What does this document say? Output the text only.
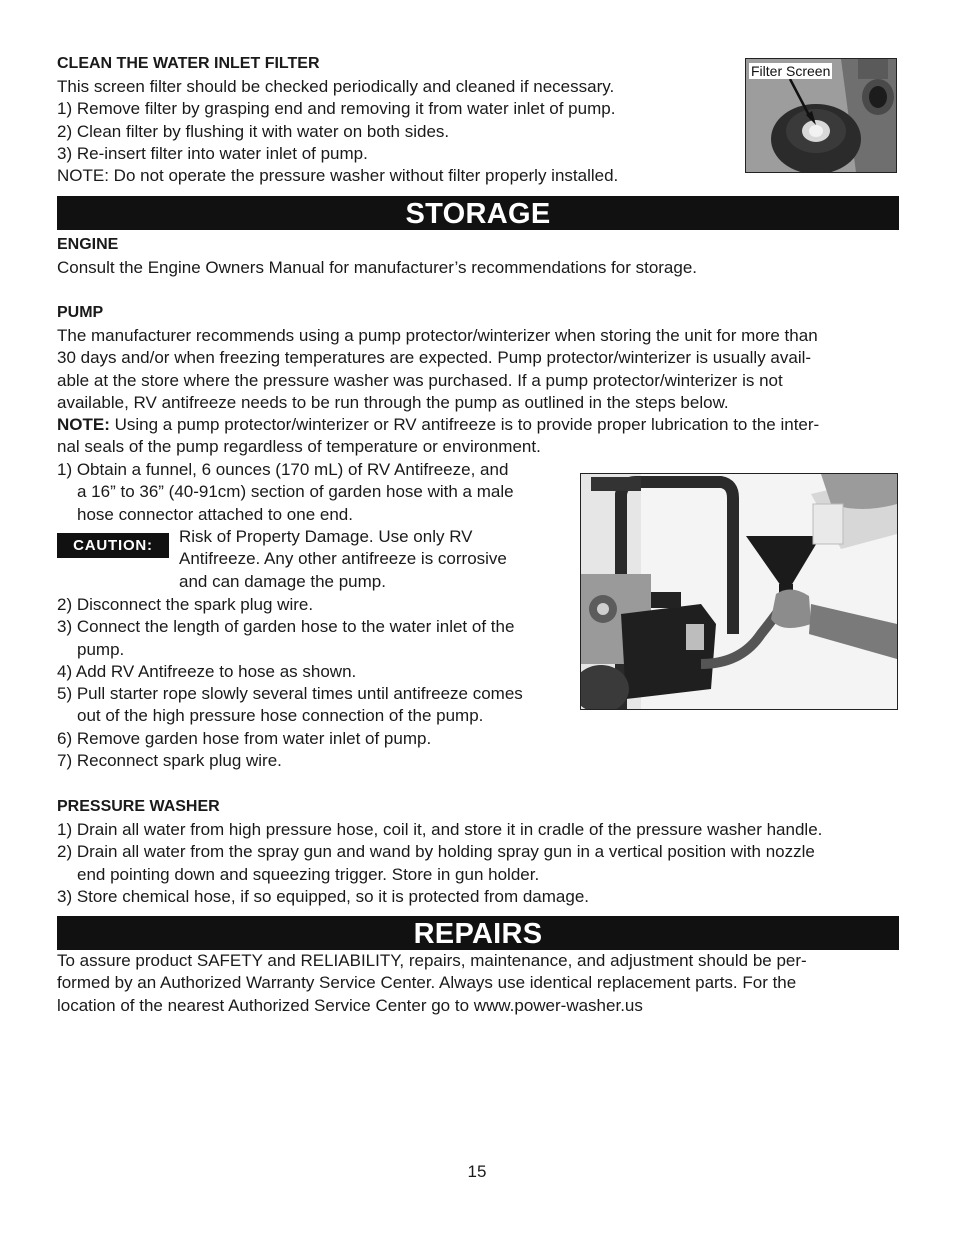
CLEAN THE WATER INLET FILTER

This screen filter should be checked periodically and cleaned if necessary.

1) Remove filter by grasping end and removing it from water inlet of pump.

2) Clean filter by flushing it with water on both sides.

3) Re-insert filter into water inlet of pump.

NOTE: Do not operate the pressure washer without filter properly installed.

Filter Screen
STORAGE
ENGINE

Consult the Engine Owners Manual for manufacturer’s recommendations for storage.

PUMP

The manufacturer recommends using a pump protector/winterizer when storing the unit for more than

30 days and/or when freezing temperatures are expected. Pump protector/winterizer is usually avail-

able at the store where the pressure washer was purchased. If a pump protector/winterizer is not

available, RV antifreeze needs to be run through the pump as outlined in the steps below.

NOTE: Using a pump protector/winterizer or RV antifreeze is to provide proper lubrication to the inter-

nal seals of the pump regardless of temperature or environment.

1) Obtain a funnel, 6 ounces (170 mL) of RV Antifreeze, and

a 16” to 36” (40-91cm) section of garden hose with a male

hose connector attached to one end.

CAUTION:	Risk of Property Damage. Use only RV

Antifreeze. Any other antifreeze is corrosive

and can damage the pump.

2) Disconnect the spark plug wire.

3) Connect the length of garden hose to the water inlet of the

pump.

4) Add RV Antifreeze to hose as shown.

5) Pull starter rope slowly several times until antifreeze comes

out of the high pressure hose connection of the pump.

6) Remove garden hose from water inlet of pump.

7) Reconnect spark plug wire.

PRESSURE WASHER

1) Drain all water from high pressure hose, coil it, and store it in cradle of the pressure washer handle.

2) Drain all water from the spray gun and wand by holding spray gun in a vertical position with nozzle

end pointing down and squeezing trigger. Store in gun holder.

3) Store chemical hose, if so equipped, so it is protected from damage.

REPAIRS

To assure product SAFETY and RELIABILITY, repairs, maintenance, and adjustment should be per-

formed by an Authorized Warranty Service Center. Always use identical replacement parts. For the

location of the nearest Authorized Service Center go to www.power-washer.us

15
